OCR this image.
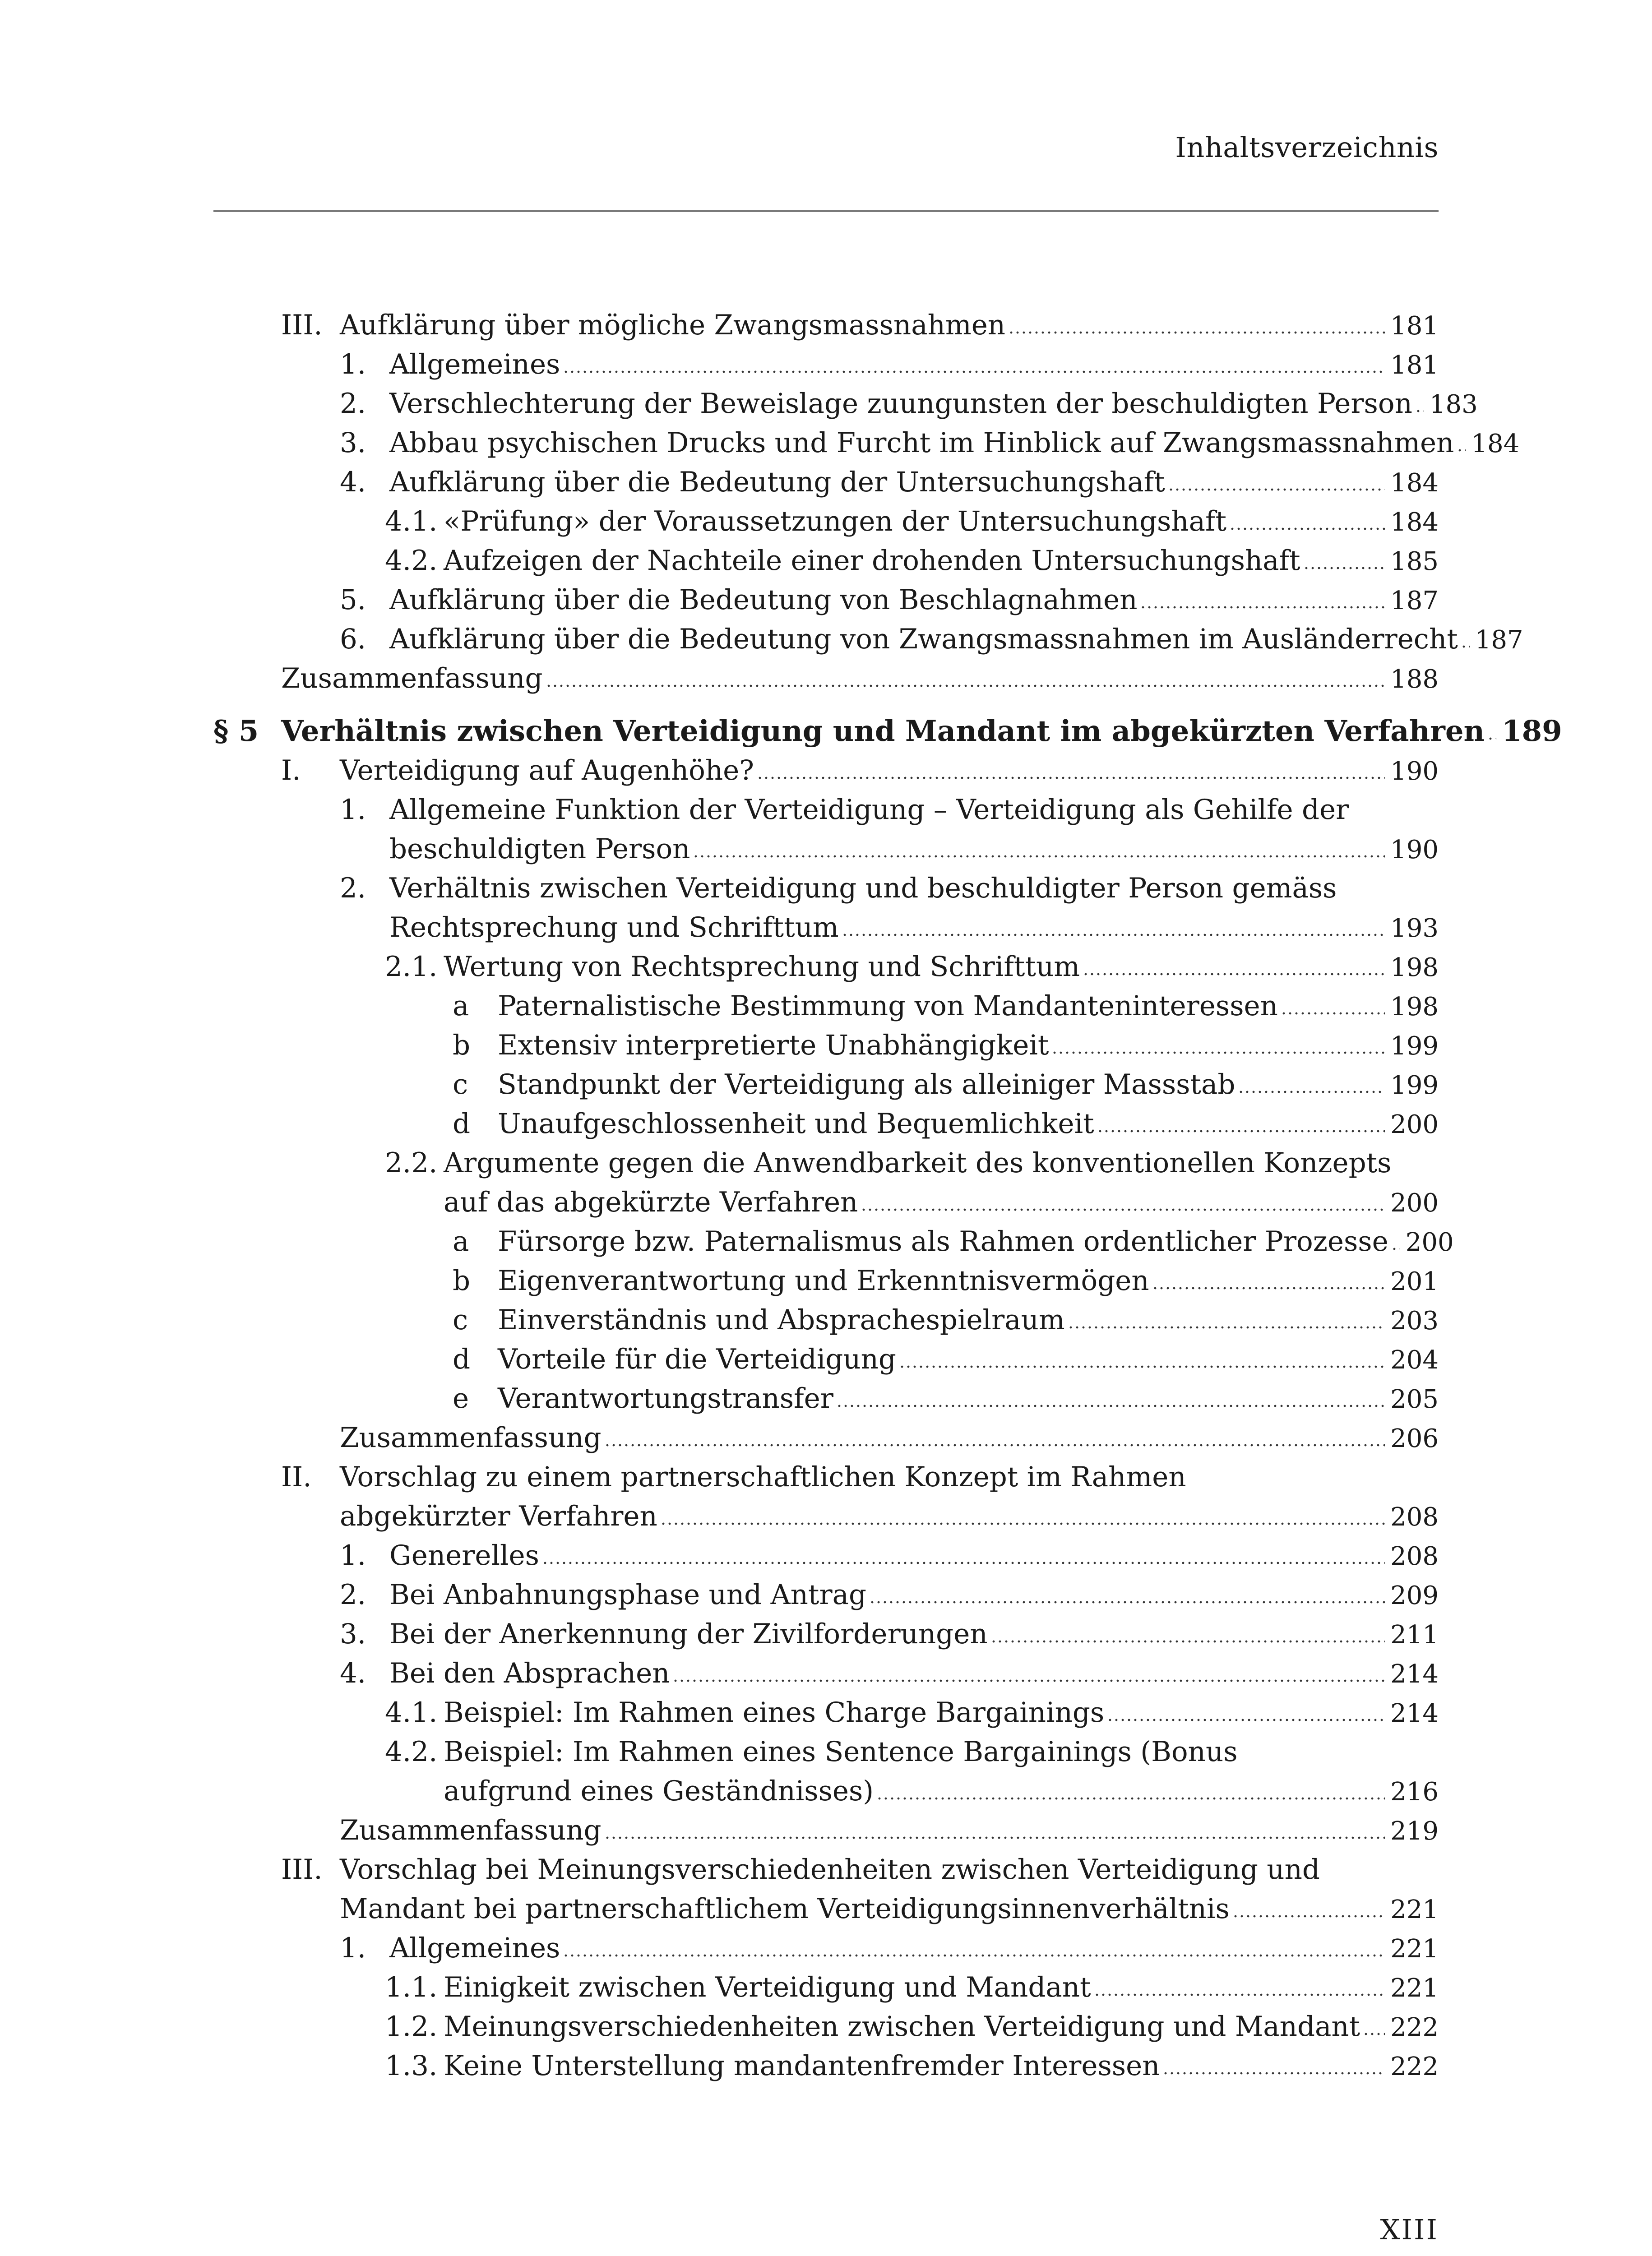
Inhaltsverzeichnis
III. Aufklärung über mögliche Zwangsmassnahmen	181
1. Allgemeines	181
2. Verschlechterung der Beweislage zuungunsten der beschuldigten Person 183
3. Abbau psychischen Drucks und Furcht im Hinblick auf Zwangsmassnahmen 184
4. Aufklärung über die Bedeutung der Untersuchungshaft	184
4.1. «Prüfung» der Voraussetzungen der Untersuchungshaft	184
4.2. Aufzeigen der Nachteile einer drohenden Untersuchungshaft	185
5. Aufklärung über die Bedeutung von Beschlagnahmen	187
6. Aufklärung über die Bedeutung von Zwangsmassnahmen im Ausländerrecht 187
Zusammenfassung	188
§ 5 Verhältnis zwischen Verteidigung und Mandant im abgekürzten Verfahren 189
I. Verteidigung auf Augenhöhe?	190
1. Allgemeine Funktion der Verteidigung – Verteidigung als Gehilfe der
beschuldigten Person	190
2. Verhältnis zwischen Verteidigung und beschuldigter Person gemäss
Rechtsprechung und Schrifttum	193
2.1. Wertung von Rechtsprechung und Schrifttum	198
a Paternalistische Bestimmung von Mandanteninteressen	198
b Extensiv interpretierte Unabhängigkeit	199
c Standpunkt der Verteidigung als alleiniger Massstab	199
d Unaufgeschlossenheit und Bequemlichkeit	200
2.2. Argumente gegen die Anwendbarkeit des konventionellen Konzepts
auf das abgekürzte Verfahren	200
a Fürsorge bzw. Paternalismus als Rahmen ordentlicher Prozesse 200
b Eigenverantwortung und Erkenntnisvermögen	201
c Einverständnis und Absprachespielraum	203
d Vorteile für die Verteidigung	204
e Verantwortungstransfer	205
Zusammenfassung	206
II. Vorschlag zu einem partnerschaftlichen Konzept im Rahmen
abgekürzter Verfahren	208
1. Generelles	208
2. Bei Anbahnungsphase und Antrag	209
3. Bei der Anerkennung der Zivilforderungen	211
4. Bei den Absprachen	214
4.1. Beispiel: Im Rahmen eines Charge Bargainings	214
4.2. Beispiel: Im Rahmen eines Sentence Bargainings (Bonus
aufgrund eines Geständnisses)	216
Zusammenfassung	219
III. Vorschlag bei Meinungsverschiedenheiten zwischen Verteidigung und
Mandant bei partnerschaftlichem Verteidigungsinnenverhältnis	221
1. Allgemeines	221
1.1. Einigkeit zwischen Verteidigung und Mandant	221
1.2. Meinungsverschiedenheiten zwischen Verteidigung und Mandant 222
1.3. Keine Unterstellung mandantenfremder Interessen	222
XIII
